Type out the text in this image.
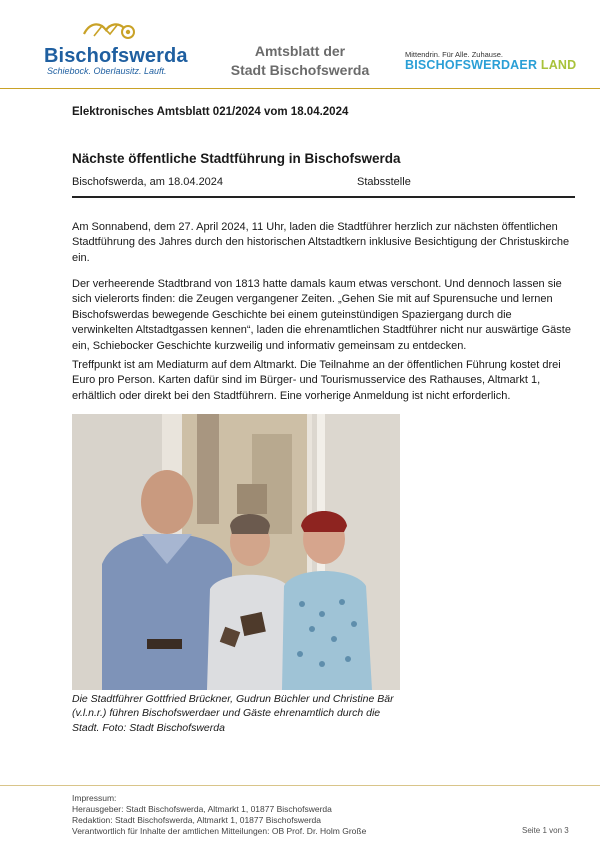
Bischofswerda
Schiebock. Oberlausitz. Lauft.
Amtsblatt der
Stadt Bischofswerda
Mittendrin. Für Alle. Zuhause.
BISCHOFSWERDAER LAND
Elektronisches Amtsblatt 021/2024 vom 18.04.2024
Nächste öffentliche Stadtführung in Bischofswerda
Bischofswerda, am 18.04.2024	Stabsstelle
Am Sonnabend, dem 27. April 2024, 11 Uhr, laden die Stadtführer herzlich zur nächsten öffentlichen Stadtführung des Jahres durch den historischen Altstadtkern inklusive Besichtigung der Christuskirche ein.
Der verheerende Stadtbrand von 1813 hatte damals kaum etwas verschont. Und dennoch lassen sie sich vielerorts finden: die Zeugen vergangener Zeiten. „Gehen Sie mit auf Spurensuche und lernen Bischofswerdas bewegende Geschichte bei einem guteinstündigen Spaziergang durch die verwinkelten Altstadtgassen kennen“, laden die ehrenamtlichen Stadtführer nicht nur auswärtige Gäste ein, Schiebocker Geschichte kurzweilig und informativ gemeinsam zu entdecken.
Treffpunkt ist am Mediaturm auf dem Altmarkt. Die Teilnahme an der öffentlichen Führung kostet drei Euro pro Person. Karten dafür sind im Bürger- und Tourismusservice des Rathauses, Altmarkt 1, erhältlich oder direkt bei den Stadtführern. Eine vorherige Anmeldung ist nicht erforderlich.
Die Stadtführer Gottfried Brückner, Gudrun Büchler und Christine Bär (v.l.n.r.) führen Bischofswerdaer und Gäste ehrenamtlich durch die Stadt. Foto: Stadt Bischofswerda
Impressum:
Herausgeber: Stadt Bischofswerda, Altmarkt 1, 01877 Bischofswerda
Redaktion: Stadt Bischofswerda, Altmarkt 1, 01877 Bischofswerda
Verantwortlich für Inhalte der amtlichen Mitteilungen: OB Prof. Dr. Holm Große	Seite 1 von 3
